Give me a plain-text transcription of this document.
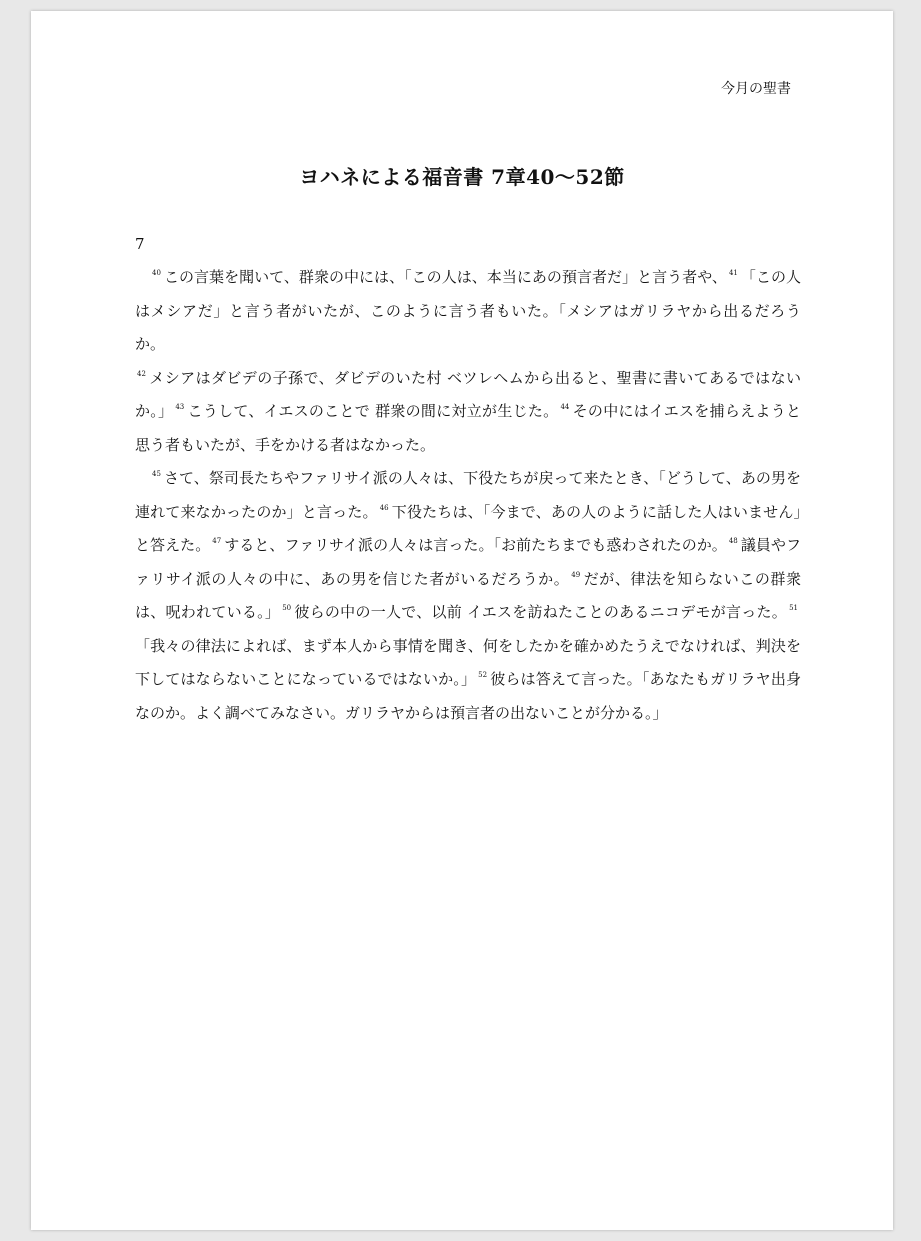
今月の聖書
ヨハネによる福音書 7章40〜52節
7

$^{40}$ この言葉を聞いて、群衆の中には、「この人は、本当にあの預言者だ」と言う者や、 $^{41}$ 「この人はメシアだ」と言う者がいたが、このように言う者もいた。「メシアはガリラヤから出るだろうか。
$^{42}$ メシアはダビデの子孫で、ダビデのいた村 ベツレヘムから出ると、聖書に書いてあるではないか。」 $^{43}$ こうして、イエスのことで 群衆の間に対立が生じた。 $^{44}$ その中にはイエスを捕らえようと思う者もいたが、手をかける者はなかった。

$^{45}$ さて、祭司長たちやファリサイ派の人々は、下役たちが戻って来たとき、「どうして、あの男を連れて来なかったのか」と言った。 $^{46}$ 下役たちは、「今まで、あの人のように話した人はいません」と答えた。 $^{47}$ すると、ファリサイ派の人々は言った。「お前たちまでも惑わされたのか。 $^{48}$ 議員やファリサイ派の人々の中に、あの男を信じた者がいるだろうか。 $^{49}$ だが、律法を知らないこの群衆は、呪われている。」 $^{50}$ 彼らの中の一人で、以前 イエスを訪ねたことのあるニコデモが言った。 $^{51}$「我々の律法によれば、まず本人から事情を聞き、何をしたかを確かめたうえでなければ、判決を下してはならないことになっているではないか。」 $^{52}$ 彼らは答えて言った。「あなたもガリラヤ出身なのか。よく調べてみなさい。ガリラヤからは預言者の出ないことが分かる。」
